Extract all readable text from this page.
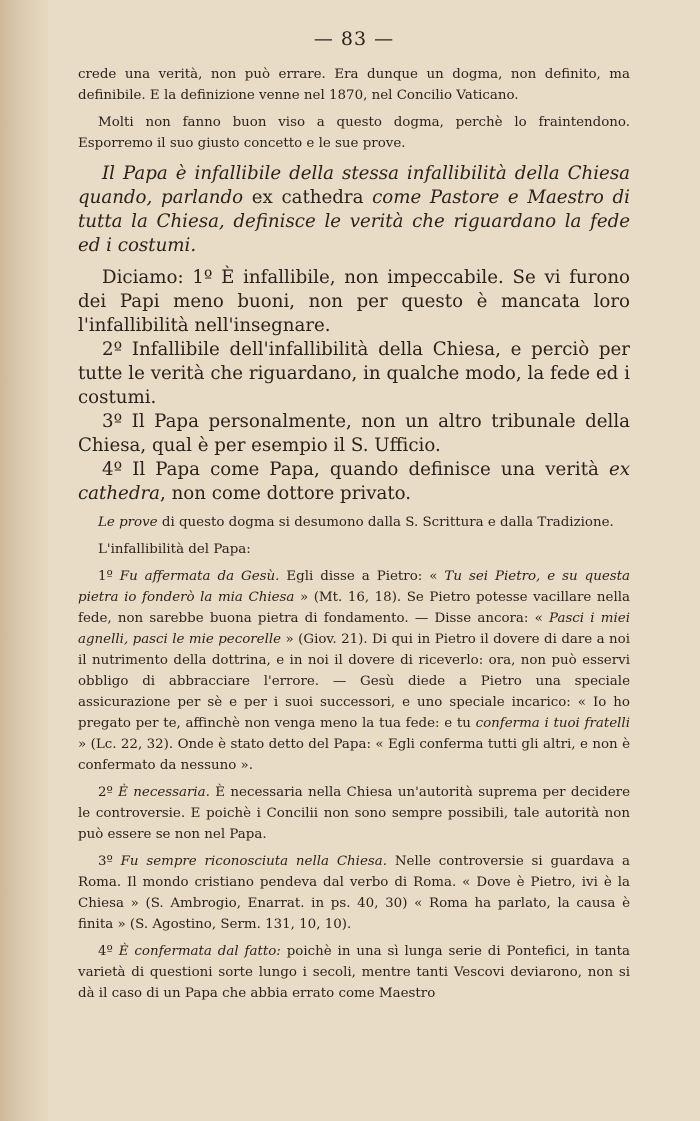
— 83 —

crede una verità, non può errare. Era dunque un dogma, non definito, ma definibile. E la definizione venne nel 1870, nel Concilio Vaticano.

Molti non fanno buon viso a questo dogma, perchè lo fraintendono. Esporremo il suo giusto concetto e le sue prove.

Il Papa è infallibile della stessa infallibilità della Chiesa quando, parlando ex cathedra come Pastore e Maestro di tutta la Chiesa, definisce le verità che riguardano la fede ed i costumi.

Diciamo: 1º È infallibile, non impeccabile. Se vi furono dei Papi meno buoni, non per questo è mancata loro l'infallibilità nell'insegnare.

2º Infallibile dell'infallibilità della Chiesa, e perciò per tutte le verità che riguardano, in qualche modo, la fede ed i costumi.

3º Il Papa personalmente, non un altro tribunale della Chiesa, qual è per esempio il S. Ufficio.

4º Il Papa come Papa, quando definisce una verità ex cathedra, non come dottore privato.

Le prove di questo dogma si desumono dalla S. Scrittura e dalla Tradizione.

L'infallibilità del Papa:

1º Fu affermata da Gesù. Egli disse a Pietro: « Tu sei Pietro, e su questa pietra io fonderò la mia Chiesa » (Mt. 16, 18). Se Pietro potesse vacillare nella fede, non sarebbe buona pietra di fondamento. — Disse ancora: « Pasci i miei agnelli, pasci le mie pecorelle » (Giov. 21). Di qui in Pietro il dovere di dare a noi il nutrimento della dottrina, e in noi il dovere di riceverlo: ora, non può esservi obbligo di abbracciare l'errore. — Gesù diede a Pietro una speciale assicurazione per sè e per i suoi successori, e uno speciale incarico: « Io ho pregato per te, affinchè non venga meno la tua fede: e tu conferma i tuoi fratelli » (Lc. 22, 32). Onde è stato detto del Papa: « Egli conferma tutti gli altri, e non è confermato da nessuno ».

2º È necessaria. È necessaria nella Chiesa un'autorità suprema per decidere le controversie. E poichè i Concilii non sono sempre possibili, tale autorità non può essere se non nel Papa.

3º Fu sempre riconosciuta nella Chiesa. Nelle controversie si guardava a Roma. Il mondo cristiano pendeva dal verbo di Roma. « Dove è Pietro, ivi è la Chiesa » (S. Ambrogio, Enarrat. in ps. 40, 30) « Roma ha parlato, la causa è finita » (S. Agostino, Serm. 131, 10, 10).

4º È confermata dal fatto: poichè in una sì lunga serie di Pontefici, in tanta varietà di questioni sorte lungo i secoli, mentre tanti Vescovi deviarono, non si dà il caso di un Papa che abbia errato come Maestro
